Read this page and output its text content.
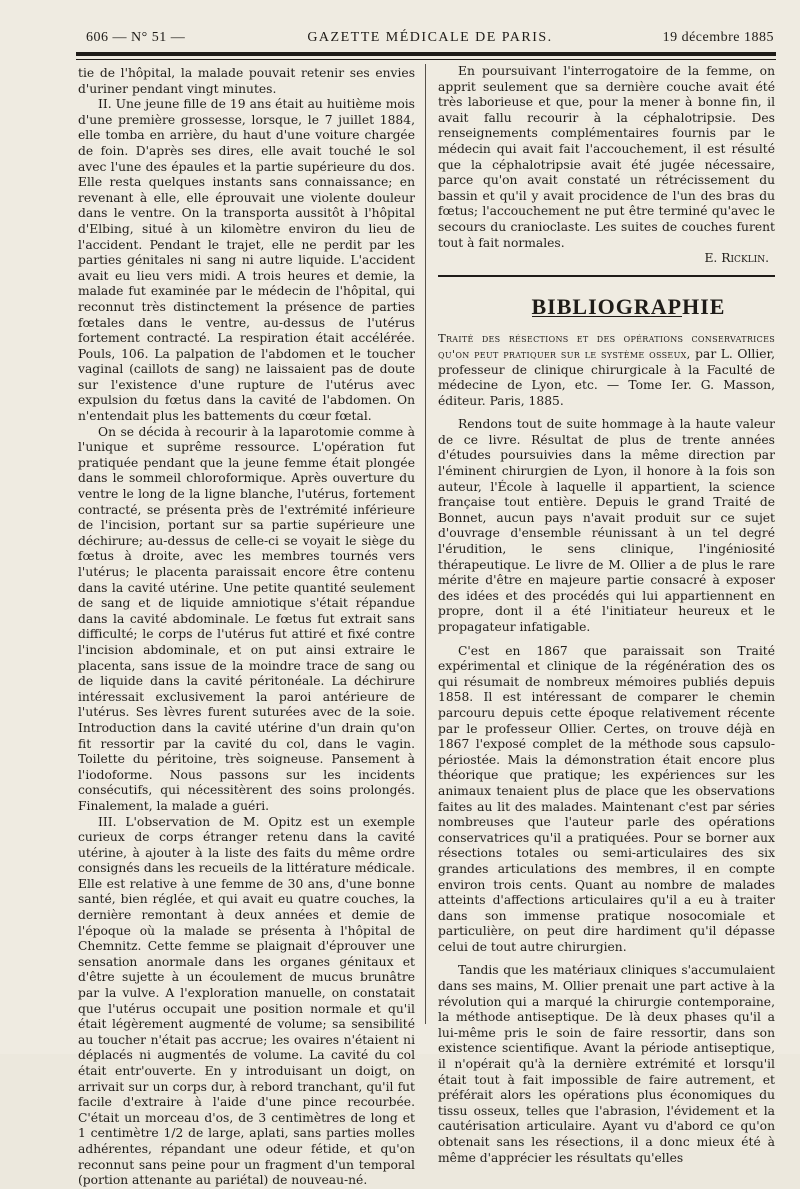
606 — N° 51 —	GAZETTE MÉDICALE DE PARIS.	19 décembre 1885

tie de l'hôpital, la malade pouvait retenir ses envies d'uriner pendant vingt minutes.

II. Une jeune fille de 19 ans était au huitième mois d'une première grossesse, lorsque, le 7 juillet 1884, elle tomba en arrière, du haut d'une voiture chargée de foin. D'après ses dires, elle avait touché le sol avec l'une des épaules et la partie supérieure du dos. Elle resta quelques instants sans connaissance; en revenant à elle, elle éprouvait une violente douleur dans le ventre. On la transporta aussitôt à l'hôpital d'Elbing, situé à un kilomètre environ du lieu de l'accident. Pendant le trajet, elle ne perdit par les parties génitales ni sang ni autre liquide. L'accident avait eu lieu vers midi. A trois heures et demie, la malade fut examinée par le médecin de l'hôpital, qui reconnut très distinctement la présence de parties fœtales dans le ventre, au-dessus de l'utérus fortement contracté. La respiration était accélérée. Pouls, 106. La palpation de l'abdomen et le toucher vaginal (caillots de sang) ne laissaient pas de doute sur l'existence d'une rupture de l'utérus avec expulsion du fœtus dans la cavité de l'abdomen. On n'entendait plus les battements du cœur fœtal.

On se décida à recourir à la laparotomie comme à l'unique et suprême ressource. L'opération fut pratiquée pendant que la jeune femme était plongée dans le sommeil chloroformique. Après ouverture du ventre le long de la ligne blanche, l'utérus, fortement contracté, se présenta près de l'extrémité inférieure de l'incision, portant sur sa partie supérieure une déchirure; au-dessus de celle-ci se voyait le siège du fœtus à droite, avec les membres tournés vers l'utérus; le placenta paraissait encore être contenu dans la cavité utérine. Une petite quantité seulement de sang et de liquide amniotique s'était répandue dans la cavité abdominale. Le fœtus fut extrait sans difficulté; le corps de l'utérus fut attiré et fixé contre l'incision abdominale, et on put ainsi extraire le placenta, sans issue de la moindre trace de sang ou de liquide dans la cavité péritonéale. La déchirure intéressait exclusivement la paroi antérieure de l'utérus. Ses lèvres furent suturées avec de la soie. Introduction dans la cavité utérine d'un drain qu'on fit ressortir par la cavité du col, dans le vagin. Toilette du péritoine, très soigneuse. Pansement à l'iodoforme. Nous passons sur les incidents consécutifs, qui nécessitèrent des soins prolongés. Finalement, la malade a guéri.

III. L'observation de M. Opitz est un exemple curieux de corps étranger retenu dans la cavité utérine, à ajouter à la liste des faits du même ordre consignés dans les recueils de la littérature médicale. Elle est relative à une femme de 30 ans, d'une bonne santé, bien réglée, et qui avait eu quatre couches, la dernière remontant à deux années et demie de l'époque où la malade se présenta à l'hôpital de Chemnitz. Cette femme se plaignait d'éprouver une sensation anormale dans les organes génitaux et d'être sujette à un écoulement de mucus brunâtre par la vulve. A l'exploration manuelle, on constatait que l'utérus occupait une position normale et qu'il était légèrement augmenté de volume; sa sensibilité au toucher n'était pas accrue; les ovaires n'étaient ni déplacés ni augmentés de volume. La cavité du col était entr'ouverte. En y introduisant un doigt, on arrivait sur un corps dur, à rebord tranchant, qu'il fut facile d'extraire à l'aide d'une pince recourbée. C'était un morceau d'os, de 3 centimètres de long et 1 centimètre 1/2 de large, aplati, sans parties molles adhérentes, répandant une odeur fétide, et qu'on reconnut sans peine pour un fragment d'un temporal (portion attenante au pariétal) de nouveau-né.

En poursuivant l'interrogatoire de la femme, on apprit seulement que sa dernière couche avait été très laborieuse et que, pour la mener à bonne fin, il avait fallu recourir à la céphalotripsie. Des renseignements complémentaires fournis par le médecin qui avait fait l'accouchement, il est résulté que la céphalotripsie avait été jugée nécessaire, parce qu'on avait constaté un rétrécissement du bassin et qu'il y avait procidence de l'un des bras du fœtus; l'accouchement ne put être terminé qu'avec le secours du cranioclaste. Les suites de couches furent tout à fait normales.

E. Ricklin.
BIBLIOGRAPHIE
Traité des résections et des opérations conservatrices qu'on peut pratiquer sur le système osseux, par L. Ollier, professeur de clinique chirurgicale à la Faculté de médecine de Lyon, etc. — Tome Ier. G. Masson, éditeur. Paris, 1885.

Rendons tout de suite hommage à la haute valeur de ce livre. Résultat de plus de trente années d'études poursuivies dans la même direction par l'éminent chirurgien de Lyon, il honore à la fois son auteur, l'École à laquelle il appartient, la science française tout entière. Depuis le grand Traité de Bonnet, aucun pays n'avait produit sur ce sujet d'ouvrage d'ensemble réunissant à un tel degré l'érudition, le sens clinique, l'ingéniosité thérapeutique. Le livre de M. Ollier a de plus le rare mérite d'être en majeure partie consacré à exposer des idées et des procédés qui lui appartiennent en propre, dont il a été l'initiateur heureux et le propagateur infatigable.

C'est en 1867 que paraissait son Traité expérimental et clinique de la régénération des os qui résumait de nombreux mémoires publiés depuis 1858. Il est intéressant de comparer le chemin parcouru depuis cette époque relativement récente par le professeur Ollier. Certes, on trouve déjà en 1867 l'exposé complet de la méthode sous capsulo-périostée. Mais la démonstration était encore plus théorique que pratique; les expériences sur les animaux tenaient plus de place que les observations faites au lit des malades. Maintenant c'est par séries nombreuses que l'auteur parle des opérations conservatrices qu'il a pratiquées. Pour se borner aux résections totales ou semi-articulaires des six grandes articulations des membres, il en compte environ trois cents. Quant au nombre de malades atteints d'affections articulaires qu'il a eu à traiter dans son immense pratique nosocomiale et particulière, on peut dire hardiment qu'il dépasse celui de tout autre chirurgien.

Tandis que les matériaux cliniques s'accumulaient dans ses mains, M. Ollier prenait une part active à la révolution qui a marqué la chirurgie contemporaine, la méthode antiseptique. De là deux phases qu'il a lui-même pris le soin de faire ressortir, dans son existence scientifique. Avant la période antiseptique, il n'opérait qu'à la dernière extrémité et lorsqu'il était tout à fait impossible de faire autrement, et préférait alors les opérations plus économiques du tissu osseux, telles que l'abrasion, l'évidement et la cautérisation articulaire. Ayant vu d'abord ce qu'on obtenait sans les résections, il a donc mieux été à même d'apprécier les résultats qu'elles
